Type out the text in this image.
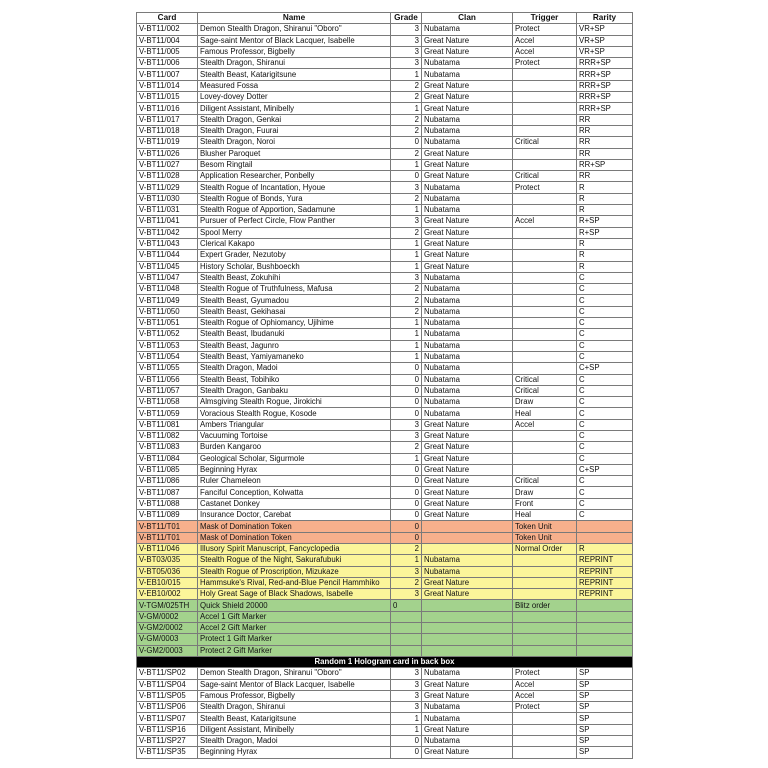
Card	Name	Grade	Clan	Trigger	Rarity
V-BT11/002	Demon Stealth Dragon, Shiranui "Oboro"	3	Nubatama	Protect	VR+SP
V-BT11/004	Sage-saint Mentor of Black Lacquer, Isabelle	3	Great Nature	Accel	VR+SP
V-BT11/005	Famous Professor, Bigbelly	3	Great Nature	Accel	VR+SP
V-BT11/006	Stealth Dragon, Shiranui	3	Nubatama	Protect	RRR+SP
V-BT11/007	Stealth Beast, Katarigitsune	1	Nubatama		RRR+SP
V-BT11/014	Measured Fossa	2	Great Nature		RRR+SP
V-BT11/015	Lovey-dovey Dotter	2	Great Nature		RRR+SP
V-BT11/016	Diligent Assistant, Minibelly	1	Great Nature		RRR+SP
V-BT11/017	Stealth Dragon, Genkai	2	Nubatama		RR
V-BT11/018	Stealth Dragon, Fuurai	2	Nubatama		RR
V-BT11/019	Stealth Dragon, Noroi	0	Nubatama	Critical	RR
V-BT11/026	Blusher Paroquet	2	Great Nature		RR
V-BT11/027	Besom Ringtail	1	Great Nature		RR+SP
V-BT11/028	Application Researcher, Ponbelly	0	Great Nature	Critical	RR
V-BT11/029	Stealth Rogue of Incantation, Hyoue	3	Nubatama	Protect	R
V-BT11/030	Stealth Rogue of Bonds, Yura	2	Nubatama		R
V-BT11/031	Stealth Rogue of Apportion, Sadamune	1	Nubatama		R
V-BT11/041	Pursuer of Perfect Circle, Flow Panther	3	Great Nature	Accel	R+SP
V-BT11/042	Spool Merry	2	Great Nature		R+SP
V-BT11/043	Clerical Kakapo	1	Great Nature		R
V-BT11/044	Expert Grader, Nezutoby	1	Great Nature		R
V-BT11/045	History Scholar, Bushboeckh	1	Great Nature		R
V-BT11/047	Stealth Beast, Zokuhihi	3	Nubatama		C
V-BT11/048	Stealth Rogue of Truthfulness, Mafusa	2	Nubatama		C
V-BT11/049	Stealth Beast, Gyumadou	2	Nubatama		C
V-BT11/050	Stealth Beast, Gekihasai	2	Nubatama		C
V-BT11/051	Stealth Rogue of Ophiomancy, Ujihime	1	Nubatama		C
V-BT11/052	Stealth Beast, Ibudanuki	1	Nubatama		C
V-BT11/053	Stealth Beast, Jagunro	1	Nubatama		C
V-BT11/054	Stealth Beast, Yamiyamaneko	1	Nubatama		C
V-BT11/055	Stealth Dragon, Madoi	0	Nubatama		C+SP
V-BT11/056	Stealth Beast, Tobihiko	0	Nubatama	Critical	C
V-BT11/057	Stealth Dragon, Ganbaku	0	Nubatama	Critical	C
V-BT11/058	Almsgiving Stealth Rogue, Jirokichi	0	Nubatama	Draw	C
V-BT11/059	Voracious Stealth Rogue, Kosode	0	Nubatama	Heal	C
V-BT11/081	Ambers Triangular	3	Great Nature	Accel	C
V-BT11/082	Vacuuming Tortoise	3	Great Nature		C
V-BT11/083	Burden Kangaroo	2	Great Nature		C
V-BT11/084	Geological Scholar, Sigurmole	1	Great Nature		C
V-BT11/085	Beginning Hyrax	0	Great Nature		C+SP
V-BT11/086	Ruler Chameleon	0	Great Nature	Critical	C
V-BT11/087	Fanciful Conception, Kolwatta	0	Great Nature	Draw	C
V-BT11/088	Castanet Donkey	0	Great Nature	Front	C
V-BT11/089	Insurance Doctor, Carebat	0	Great Nature	Heal	C
V-BT11/T01	Mask of Domination Token	0		Token Unit	
V-BT11/T01	Mask of Domination Token	0		Token Unit	
V-BT11/046	Illusory Spirit Manuscript, Fancyclopedia	2		Normal Order	R
V-BT03/035	Stealth Rogue of the Night, Sakurafubuki	1	Nubatama		REPRINT
V-BT05/036	Stealth Rogue of Proscription, Mizukaze	3	Nubatama		REPRINT
V-EB10/015	Hammsuke's Rival, Red-and-Blue Pencil Hammhiko	2	Great Nature		REPRINT
V-EB10/002	Holy Great Sage of Black Shadows, Isabelle	3	Great Nature		REPRINT
V-TGM/025TH	Quick Shield 20000	0		Blitz order	
V-GM/0002	Accel 1 Gift Marker				
V-GM2/0002	Accel 2 Gift Marker				
V-GM/0003	Protect 1 Gift Marker				
V-GM2/0003	Protect 2 Gift Marker				
Random 1 Hologram card in back box					
V-BT11/SP02	Demon Stealth Dragon, Shiranui "Oboro"	3	Nubatama	Protect	SP
V-BT11/SP04	Sage-saint Mentor of Black Lacquer, Isabelle	3	Great Nature	Accel	SP
V-BT11/SP05	Famous Professor, Bigbelly	3	Great Nature	Accel	SP
V-BT11/SP06	Stealth Dragon, Shiranui	3	Nubatama	Protect	SP
V-BT11/SP07	Stealth Beast, Katarigitsune	1	Nubatama		SP
V-BT11/SP16	Diligent Assistant, Minibelly	1	Great Nature		SP
V-BT11/SP27	Stealth Dragon, Madoi	0	Nubatama		SP
V-BT11/SP35	Beginning Hyrax	0	Great Nature		SP
